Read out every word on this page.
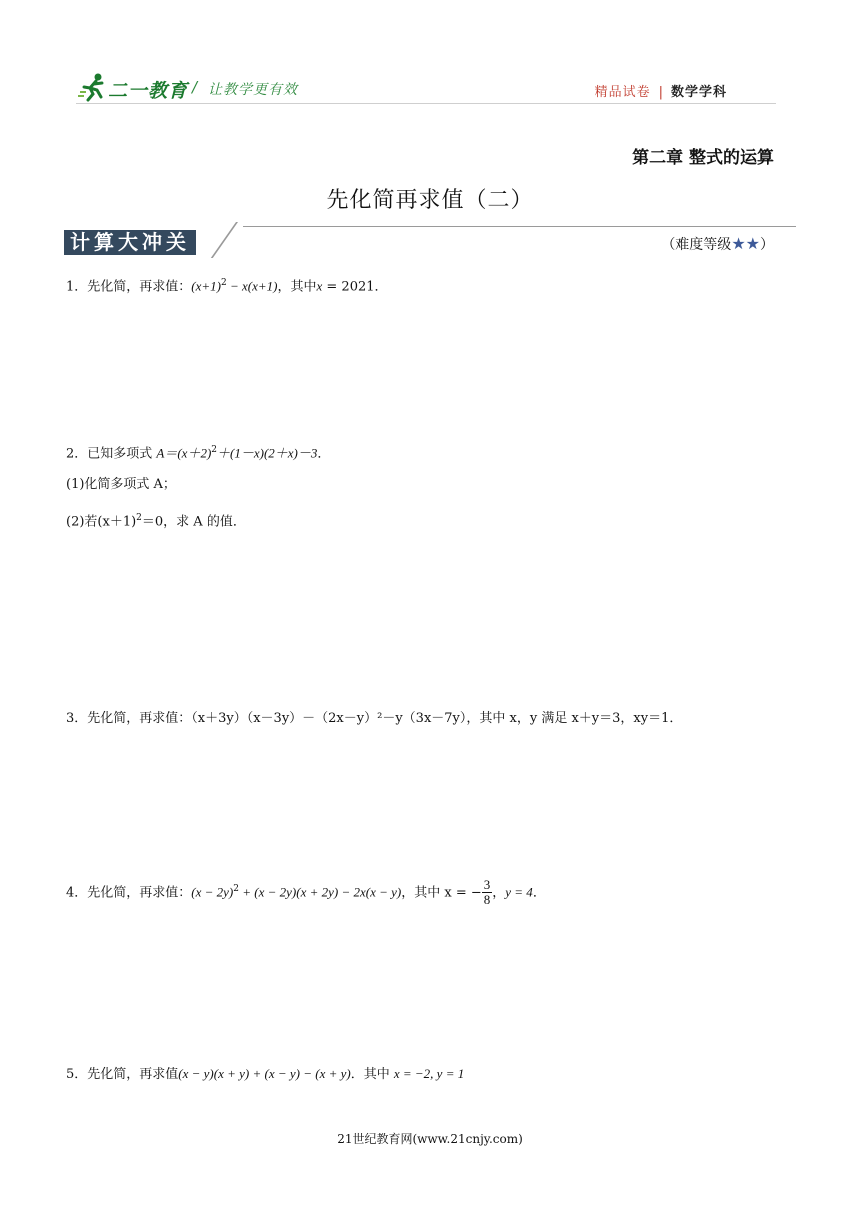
二一教育 / 让教学更有效	精品试卷 | 数学学科
第二章 整式的运算
先化简再求值（二）
计算大冲关	（难度等级★★）
1．先化简，再求值：$(x+1)^2 - x(x+1)$，其中x = 2021．
2．已知多项式 $A=(x+2)^2+(1-x)(2+x)-3$．
(1)化简多项式 A；
(2)若$(x+1)^2=0$，求 A 的值．
3．先化简，再求值：（x＋3y）（x－3y）－（2x－y）²－y（3x－7y），其中 x，y 满足 x＋y＝3，xy＝1．
4．先化简，再求值：$(x - 2y)^2 + (x - 2y)(x + 2y) - 2x(x - y)$，其中 x = − $\frac{3}{8}$ ，y = 4．
5．先化简，再求值(x − y)(x + y) + (x − y) − (x + y)．其中 x = −2, y = 1
21世纪教育网(www.21cnjy.com)
